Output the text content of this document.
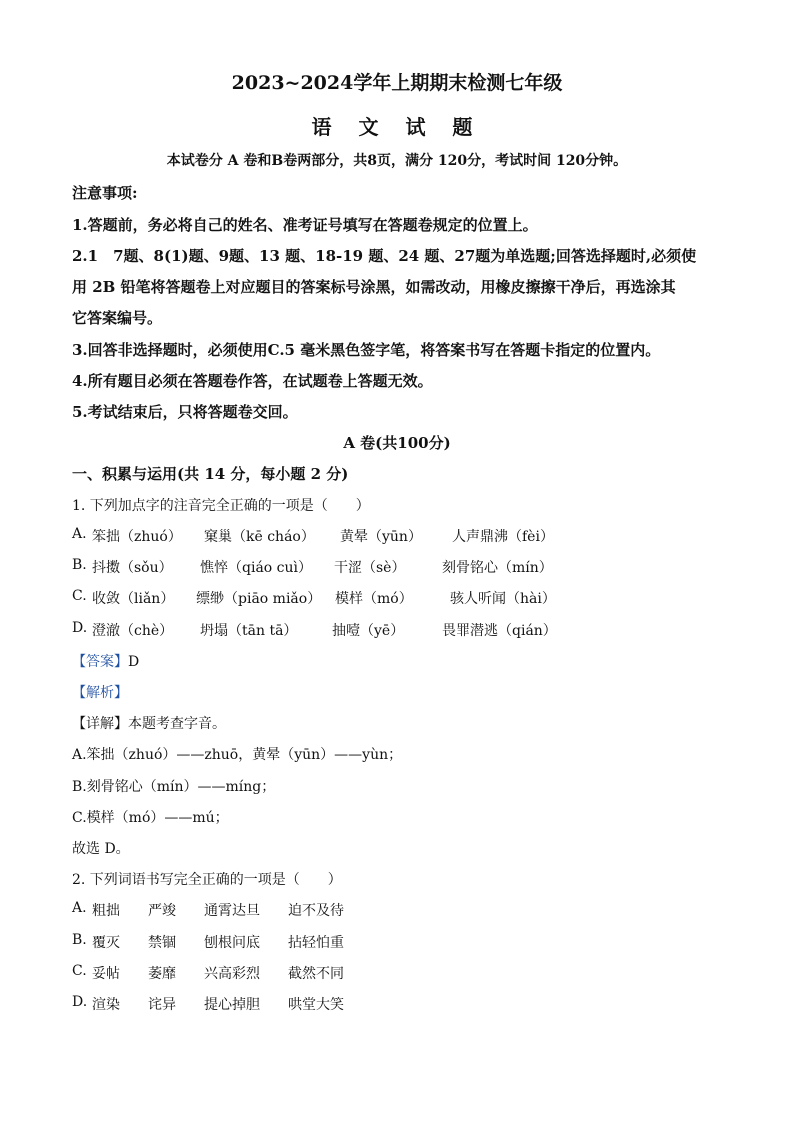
2023~2024学年上期期末检测七年级
语 文 试 题
本试卷分 A 卷和B卷两部分，共8页，满分 120分，考试时间 120分钟。
注意事项:
1.答题前，务必将自己的姓名、准考证号填写在答题卷规定的位置上。
2.1　7题、8(1)题、9题、13 题、18-19 题、24 题、27题为单选题;回答选择题时,必须使
用 2B 铅笔将答题卷上对应题目的答案标号涂黑，如需改动，用橡皮擦擦干净后，再选涂其
它答案编号。
3.回答非选择题时，必须使用C.5 毫米黑色签字笔，将答案书写在答题卡指定的位置内。
4.所有题目必须在答题卷作答，在试题卷上答题无效。
5.考试结束后，只将答题卷交回。
A 卷(共100分)
一、积累与运用(共 14 分，每小题 2 分)
1. 下列加点字的注音完全正确的一项是（　　）
A. 笨拙（zhuó） 窠巢（kē cháo） 黄晕（yūn） 人声鼎沸（fèi）
B. 抖擞（sǒu） 憔悴（qiáo cuì） 干涩（sè）	刻骨铭心（mín）
C. 收敛（liǎn） 缥缈（piāo miǎo） 模样（mó）	骇人听闻（hài）
D. 澄澈（chè） 坍塌（tān tā） 抽噎（yē）	畏罪潜逃（qián）
【答案】D
【解析】
【详解】本题考查字音。
A.笨拙（zhuó）——zhuō，黄晕（yūn）——yùn；
B.刻骨铭心（mín）——míng；
C.模样（mó）——mú；
故选 D。
2. 下列词语书写完全正确的一项是（　　）
A. 粗拙 严竣 通霄达旦 迫不及待
B. 覆灭 禁锢 刨根问底 拈轻怕重
C. 妥帖 萎靡 兴高彩烈 截然不同
D. 渲染 诧异 提心掉胆 哄堂大笑
